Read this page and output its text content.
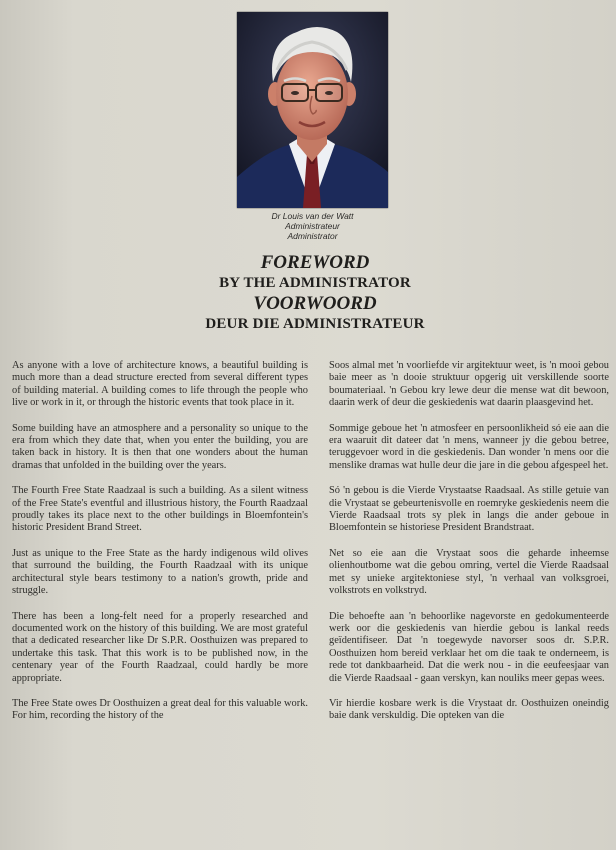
Dr Louis van der Watt
Administrateur
Administrator
FOREWORD
BY THE ADMINISTRATOR
VOORWOORD
DEUR DIE ADMINISTRATEUR

As anyone with a love of architecture knows, a beautiful building is much more than a dead structure erected from several different types of building material. A building comes to life through the people who live or work in it, or through the historic events that took place in it.

Some building have an atmosphere and a personality so unique to the era from which they date that, when you enter the building, you are taken back in history. It is then that one wonders about the human dramas that unfolded in the building over the years.

The Fourth Free State Raadzaal is such a building. As a silent witness of the Free State's eventful and illustrious history, the Fourth Raadzaal proudly takes its place next to the other buildings in Bloemfontein's historic President Brand Street.

Just as unique to the Free State as the hardy indigenous wild olives that surround the building, the Fourth Raadzaal with its unique architectural style bears testimony to a nation's growth, pride and struggle.

There has been a long-felt need for a properly researched and documented work on the history of this building. We are most grateful that a dedicated researcher like Dr S.P.R. Oosthuizen was prepared to undertake this task. That this work is to be published now, in the centenary year of the Fourth Raadzaal, could hardly be more appropriate.

The Free State owes Dr Oosthuizen a great deal for this valuable work. For him, recording the history of the

Soos almal met 'n voorliefde vir argitektuur weet, is 'n mooi gebou baie meer as 'n dooie struktuur opgerig uit verskillende soorte boumateriaal. 'n Gebou kry lewe deur die mense wat dit bewoon, daarin werk of deur die geskiedenis wat daarin plaasgevind het.

Sommige geboue het 'n atmosfeer en persoonlikheid só eie aan die era waaruit dit dateer dat 'n mens, wanneer jy die gebou betree, teruggevoer word in die geskiedenis. Dan wonder 'n mens oor die menslike dramas wat hulle deur die jare in die gebou afgespeel het.

Só 'n gebou is die Vierde Vrystaatse Raadsaal. As stille getuie van die Vrystaat se gebeurtenisvolle en roemryke geskiedenis neem die Vierde Raadsaal trots sy plek in langs die ander geboue in Bloemfontein se historiese President Brandstraat.

Net so eie aan die Vrystaat soos die geharde inheemse olienhoutbome wat die gebou omring, vertel die Vierde Raadsaal met sy unieke argitektoniese styl, 'n verhaal van volksgroei, volkstrots en volkstryd.

Die behoefte aan 'n behoorlike nagevorste en gedokumenteerde werk oor die geskiedenis van hierdie gebou is lankal reeds geïdentifiseer. Dat 'n toegewyde navorser soos dr. S.P.R. Oosthuizen hom bereid verklaar het om die taak te onderneem, is rede tot dankbaarheid. Dat die werk nou - in die eeufeesjaar van die Vierde Raadsaal - gaan verskyn, kan nouliks meer gepas wees.

Vir hierdie kosbare werk is die Vrystaat dr. Oosthuizen oneindig baie dank verskuldig. Die opteken van die
